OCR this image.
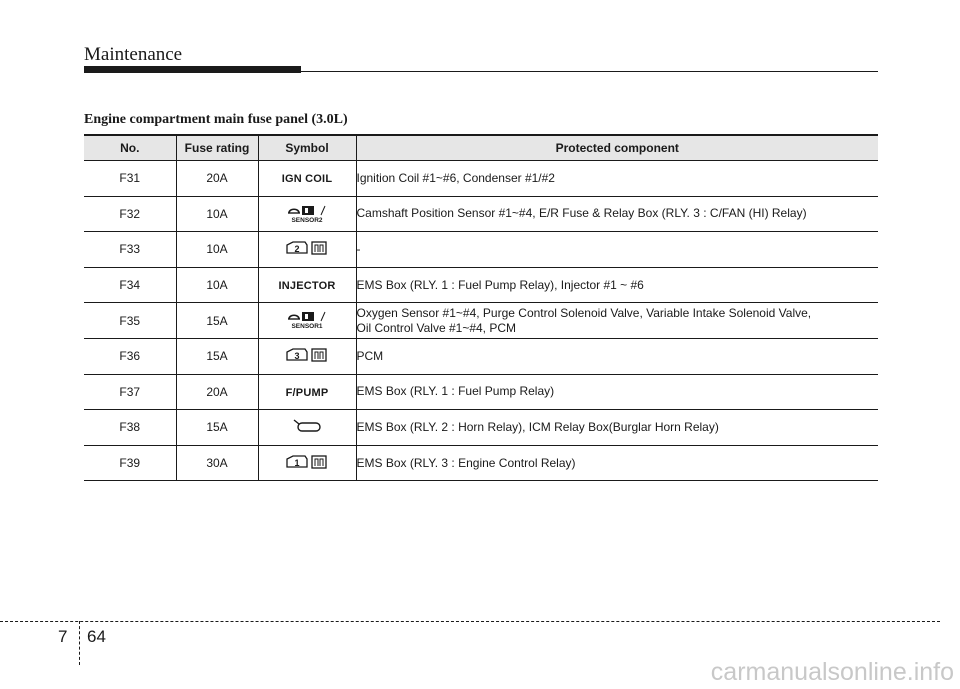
Maintenance
Engine compartment main fuse panel (3.0L)
No.	Fuse rating	Symbol	Protected component
F31	20A	IGN COIL	Ignition Coil #1~#6, Condenser #1/#2
F32	10A	SENSOR2	Camshaft Position Sensor #1~#4, E/R Fuse & Relay Box (RLY. 3 : C/FAN (HI) Relay)
F33	10A	2	-
F34	10A	INJECTOR	EMS Box (RLY. 1 : Fuel Pump Relay), Injector #1 ~ #6
F35	15A	SENSOR1	Oxygen Sensor #1~#4, Purge Control Solenoid Valve, Variable Intake Solenoid Valve,
Oil Control Valve #1~#4, PCM

F36	15A	3	PCM
F37	20A	F/PUMP	EMS Box (RLY. 1 : Fuel Pump Relay)
F38	15A		EMS Box (RLY. 2 : Horn Relay), ICM Relay Box(Burglar Horn Relay)
F39	30A	1	EMS Box (RLY. 3 : Engine Control Relay)
7 64
carmanualsonline.info
